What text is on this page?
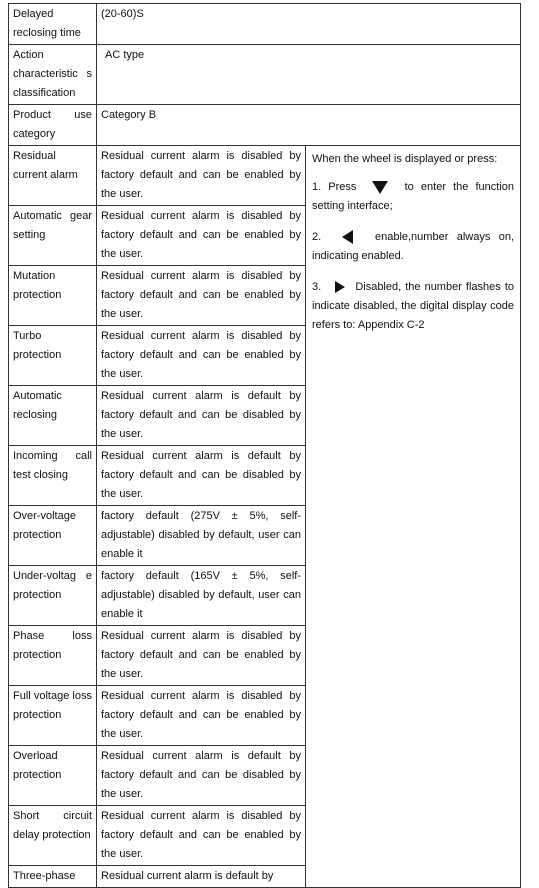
Delayed reclosing time	(20-60)S	
Action characteristic s classification	AC type	
Product use category	Category B	
Residual current alarm	Residual current alarm is disabled by factory default and can be enabled by the user.	When the wheel is displayed or press:

1. Press to enter the function setting interface;

2. enable,number always on, indicating enabled.

3. Disabled, the number flashes to indicate disabled, the digital display code refers to: Appendix C-2

Automatic gear setting	Residual current alarm is disabled by factory default and can be enabled by the user.	
Mutation protection	Residual current alarm is disabled by factory default and can be enabled by the user.	
Turbo protection	Residual current alarm is disabled by factory default and can be enabled by the user.	
Automatic reclosing	Residual current alarm is default by factory default and can be disabled by the user.	
Incoming call test closing	Residual current alarm is default by factory default and can be disabled by the user.	
Over-voltage protection	factory default (275V ± 5%, self-adjustable) disabled by default, user can enable it	
Under-voltag e protection	factory default (165V ± 5%, self-adjustable) disabled by default, user can enable it	
Phase loss protection	Residual current alarm is disabled by factory default and can be enabled by the user.	
Full voltage loss protection	Residual current alarm is disabled by factory default and can be enabled by the user.	
Overload protection	Residual current alarm is default by factory default and can be disabled by the user.	
Short circuit delay protection	Residual current alarm is disabled by factory default and can be enabled by the user.	
Three-phase	Residual current alarm is default by	
